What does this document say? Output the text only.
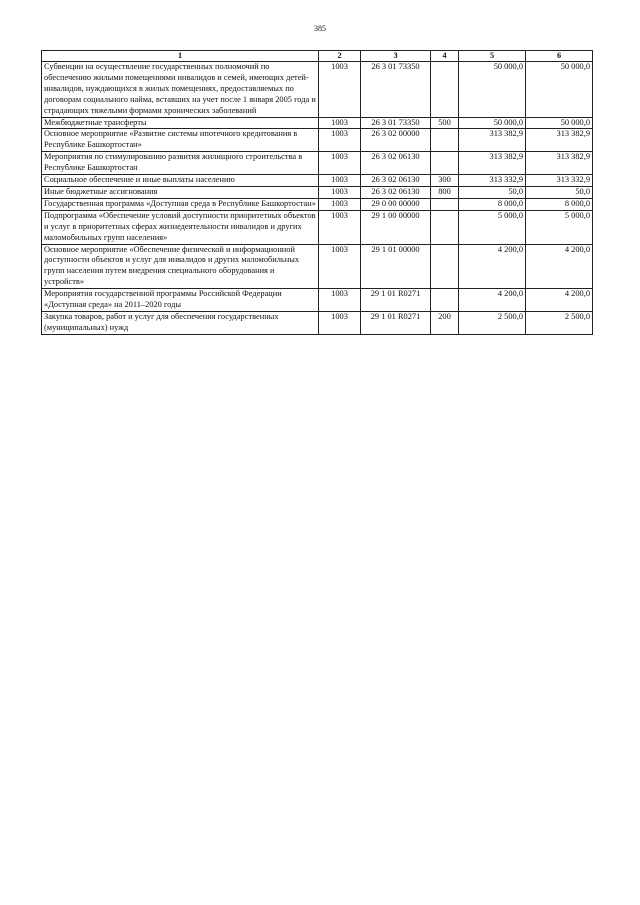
385
1	2	3	4	5	6
Субвенции на осуществление государственных полномочий по обеспечению жилыми помещениями инвалидов и семей, имеющих детей-инвалидов, нуждающихся в жилых помещениях, предоставляемых по договорам социального найма, вставших на учет после 1 января 2005 года и страдающих тяжелыми формами хронических заболеваний	1003	26 3 01 73350		50 000,0	50 000,0
Межбюджетные трансферты	1003	26 3 01 73350	500	50 000,0	50 000,0
Основное мероприятие «Развитие системы ипотечного кредитования в Республике Башкортостан»	1003	26 3 02 00000		313 382,9	313 382,9
Мероприятия по стимулированию развития жилищного строительства в Республике Башкортостан	1003	26 3 02 06130		313 382,9	313 382,9
Социальное обеспечение и иные выплаты населению	1003	26 3 02 06130	300	313 332,9	313 332,9
Иные бюджетные ассигнования	1003	26 3 02 06130	800	50,0	50,0
Государственная программа «Доступная среда в Республике Башкортостан»	1003	29 0 00 00000		8 000,0	8 000,0
Подпрограмма «Обеспечение условий доступности приоритетных объектов и услуг в приоритетных сферах жизнедеятельности инвалидов и других маломобильных групп населения»	1003	29 1 00 00000		5 000,0	5 000,0
Основное мероприятие «Обеспечение физической и информационной доступности объектов и услуг для инвалидов и других маломобильных групп населения путем внедрения специального оборудования и устройств»	1003	29 1 01 00000		4 200,0	4 200,0
Мероприятия государственной программы Российской Федерации «Доступная среда» на 2011–2020 годы	1003	29 1 01 R0271		4 200,0	4 200,0
Закупка товаров, работ и услуг для обеспечения государственных (муниципальных) нужд	1003	29 1 01 R0271	200	2 500,0	2 500,0
